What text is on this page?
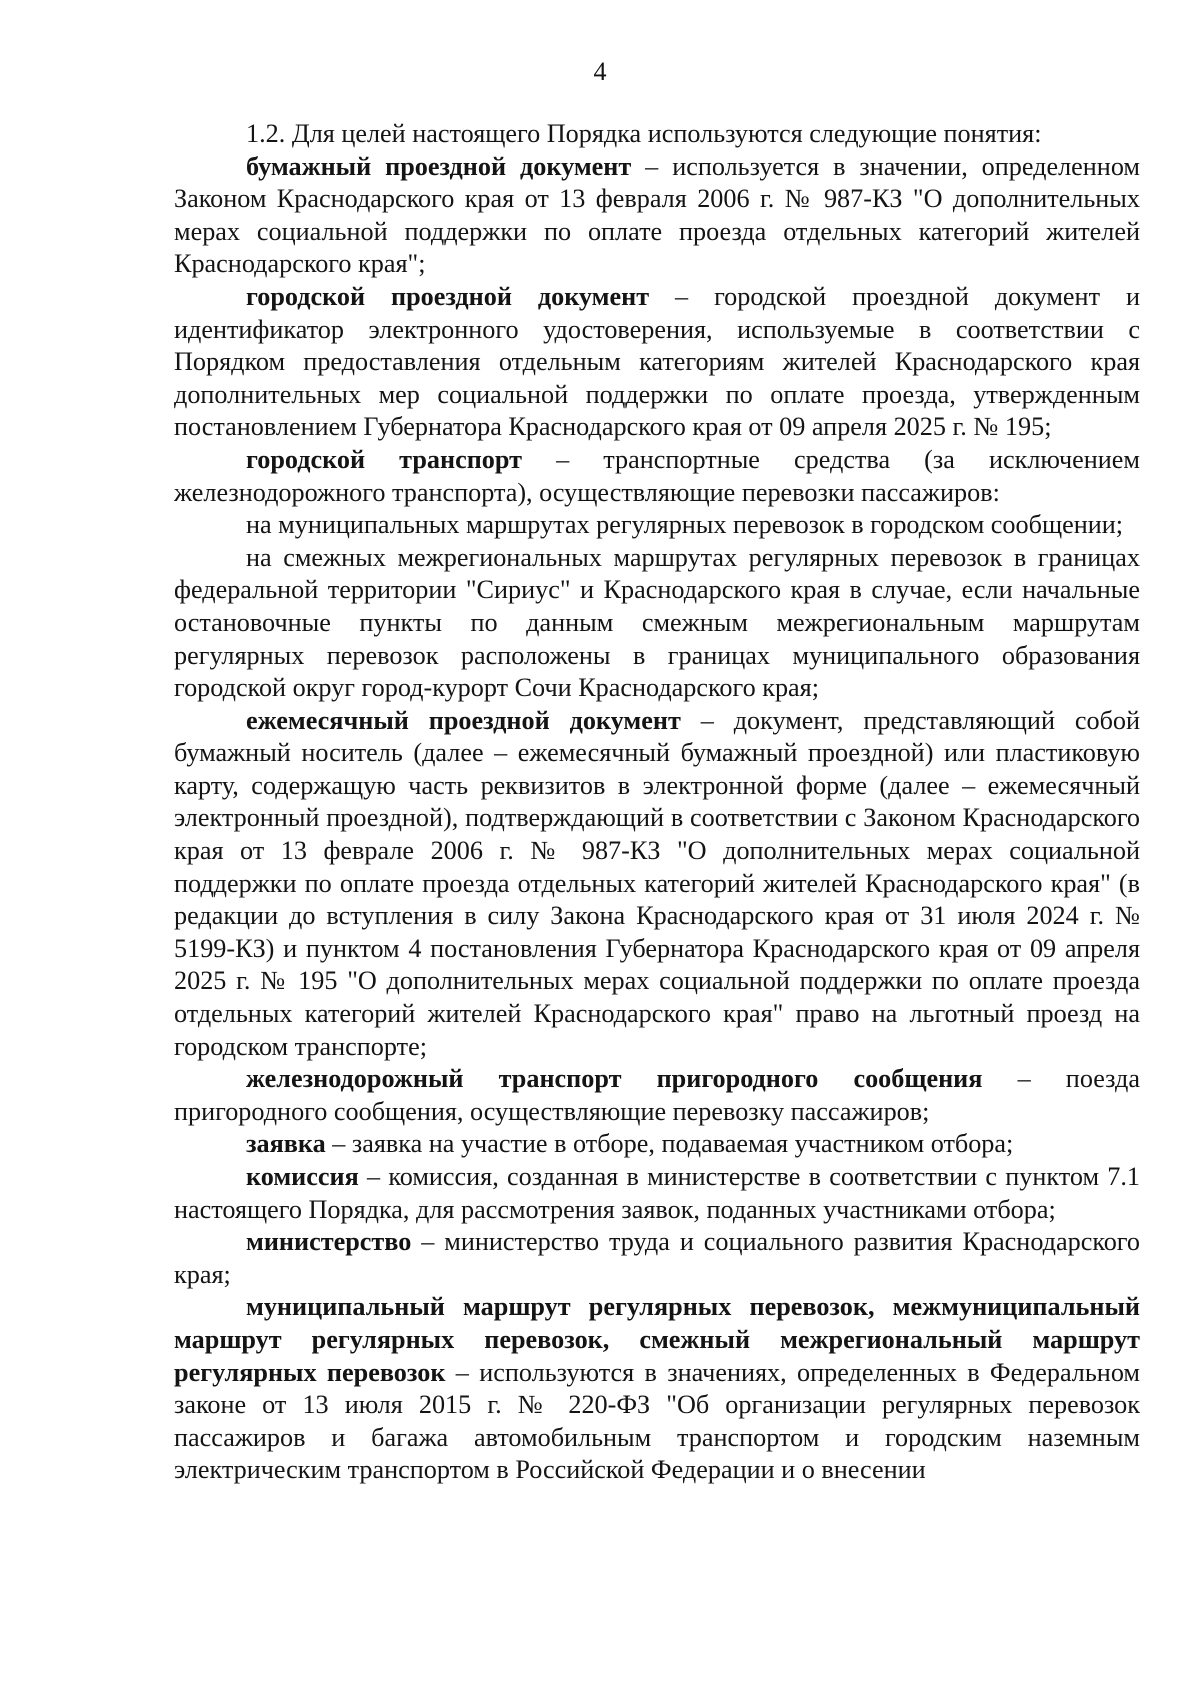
4

1.2. Для целей настоящего Порядка используются следующие понятия:

бумажный проездной документ – используется в значении, определенном Законом Краснодарского края от 13 февраля 2006 г. № 987-КЗ "О дополнительных мерах социальной поддержки по оплате проезда отдельных категорий жителей Краснодарского края";

городской проездной документ – городской проездной документ и идентификатор электронного удостоверения, используемые в соответствии с Порядком предоставления отдельным категориям жителей Краснодарского края дополнительных мер социальной поддержки по оплате проезда, утвержденным постановлением Губернатора Краснодарского края от 09 апреля 2025 г. № 195;

городской транспорт – транспортные средства (за исключением железнодорожного транспорта), осуществляющие перевозки пассажиров:

на муниципальных маршрутах регулярных перевозок в городском сообщении;

на смежных межрегиональных маршрутах регулярных перевозок в границах федеральной территории "Сириус" и Краснодарского края в случае, если начальные остановочные пункты по данным смежным межрегиональным маршрутам регулярных перевозок расположены в границах муниципального образования городской округ город-курорт Сочи Краснодарского края;

ежемесячный проездной документ – документ, представляющий собой бумажный носитель (далее – ежемесячный бумажный проездной) или пластиковую карту, содержащую часть реквизитов в электронной форме (далее – ежемесячный электронный проездной), подтверждающий в соответствии с Законом Краснодарского края от 13 феврале 2006 г. № 987-КЗ "О дополнительных мерах социальной поддержки по оплате проезда отдельных категорий жителей Краснодарского края" (в редакции до вступления в силу Закона Краснодарского края от 31 июля 2024 г. № 5199-КЗ) и пунктом 4 постановления Губернатора Краснодарского края от 09 апреля 2025 г. № 195 "О дополнительных мерах социальной поддержки по оплате проезда отдельных категорий жителей Краснодарского края" право на льготный проезд на городском транспорте;

железнодорожный транспорт пригородного сообщения – поезда пригородного сообщения, осуществляющие перевозку пассажиров;

заявка – заявка на участие в отборе, подаваемая участником отбора;

комиссия – комиссия, созданная в министерстве в соответствии с пунктом 7.1 настоящего Порядка, для рассмотрения заявок, поданных участниками отбора;

министерство – министерство труда и социального развития Краснодарского края;

муниципальный маршрут регулярных перевозок, межмуниципальный маршрут регулярных перевозок, смежный межрегиональный маршрут регулярных перевозок – используются в значениях, определенных в Федеральном законе от 13 июля 2015 г. № 220-ФЗ "Об организации регулярных перевозок пассажиров и багажа автомобильным транспортом и городским наземным электрическим транспортом в Российской Федерации и о внесении
